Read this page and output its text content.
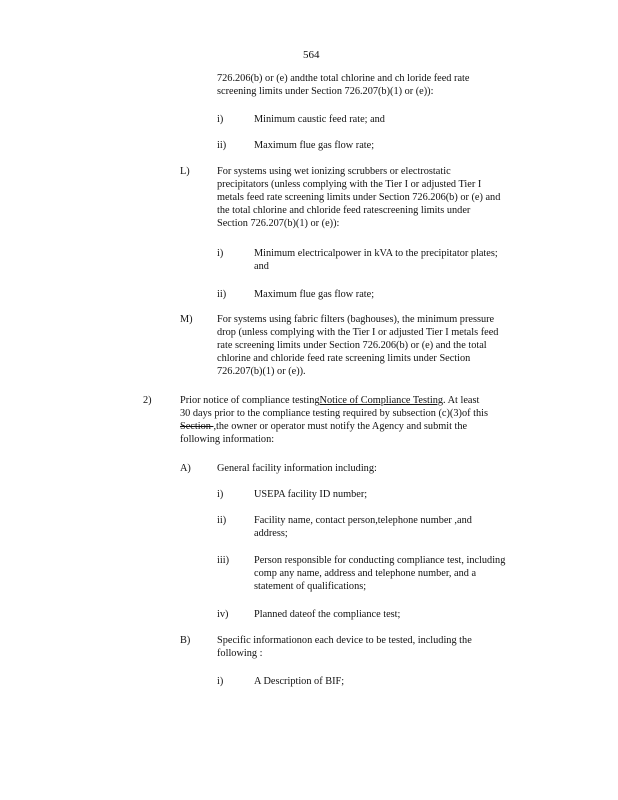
564
726.206(b) or (e) andthe total chlorine and ch loride feed rate
screening limits under Section 726.207(b)(1) or (e)):
i)	Minimum caustic feed rate; and
ii)	Maximum flue gas flow rate;
L)	For systems using wet ionizing scrubbers or electrostatic
precipitators (unless complying with the Tier I or adjusted Tier I
metals feed rate screening limits under Section 726.206(b) or (e) and
the total chlorine and chloride feed ratescreening limits under
Section 726.207(b)(1) or (e)):
i)	Minimum electricalpower in kVA to the precipitator plates;
and
ii)	Maximum flue gas flow rate;
M) For systems using fabric filters (baghouses), the minimum pressure
drop (unless complying with the Tier I or adjusted Tier I metals feed
rate screening limits under Section 726.206(b) or (e) and the total
chlorine and chloride feed rate screening limits under Section
726.207(b)(1) or (e)).
2)	Prior notice of compliance testingNotice of Compliance Testing. At least
30 days prior to the compliance testing required by subsection (c)(3)of this
Section ,the owner or operator must notify the Agency and submit the
following information:
A)	General facility information including:
i)	USEPA facility ID number;
ii)	Facility name, contact person,telephone number ,and
address;
iii) Person responsible for conducting compliance test, including
comp any name, address and telephone number, and a
statement of qualifications;
iv) Planned dateof the compliance test;
B)	Specific informationon each device to be tested, including the
following :
i)	A Description of BIF;
